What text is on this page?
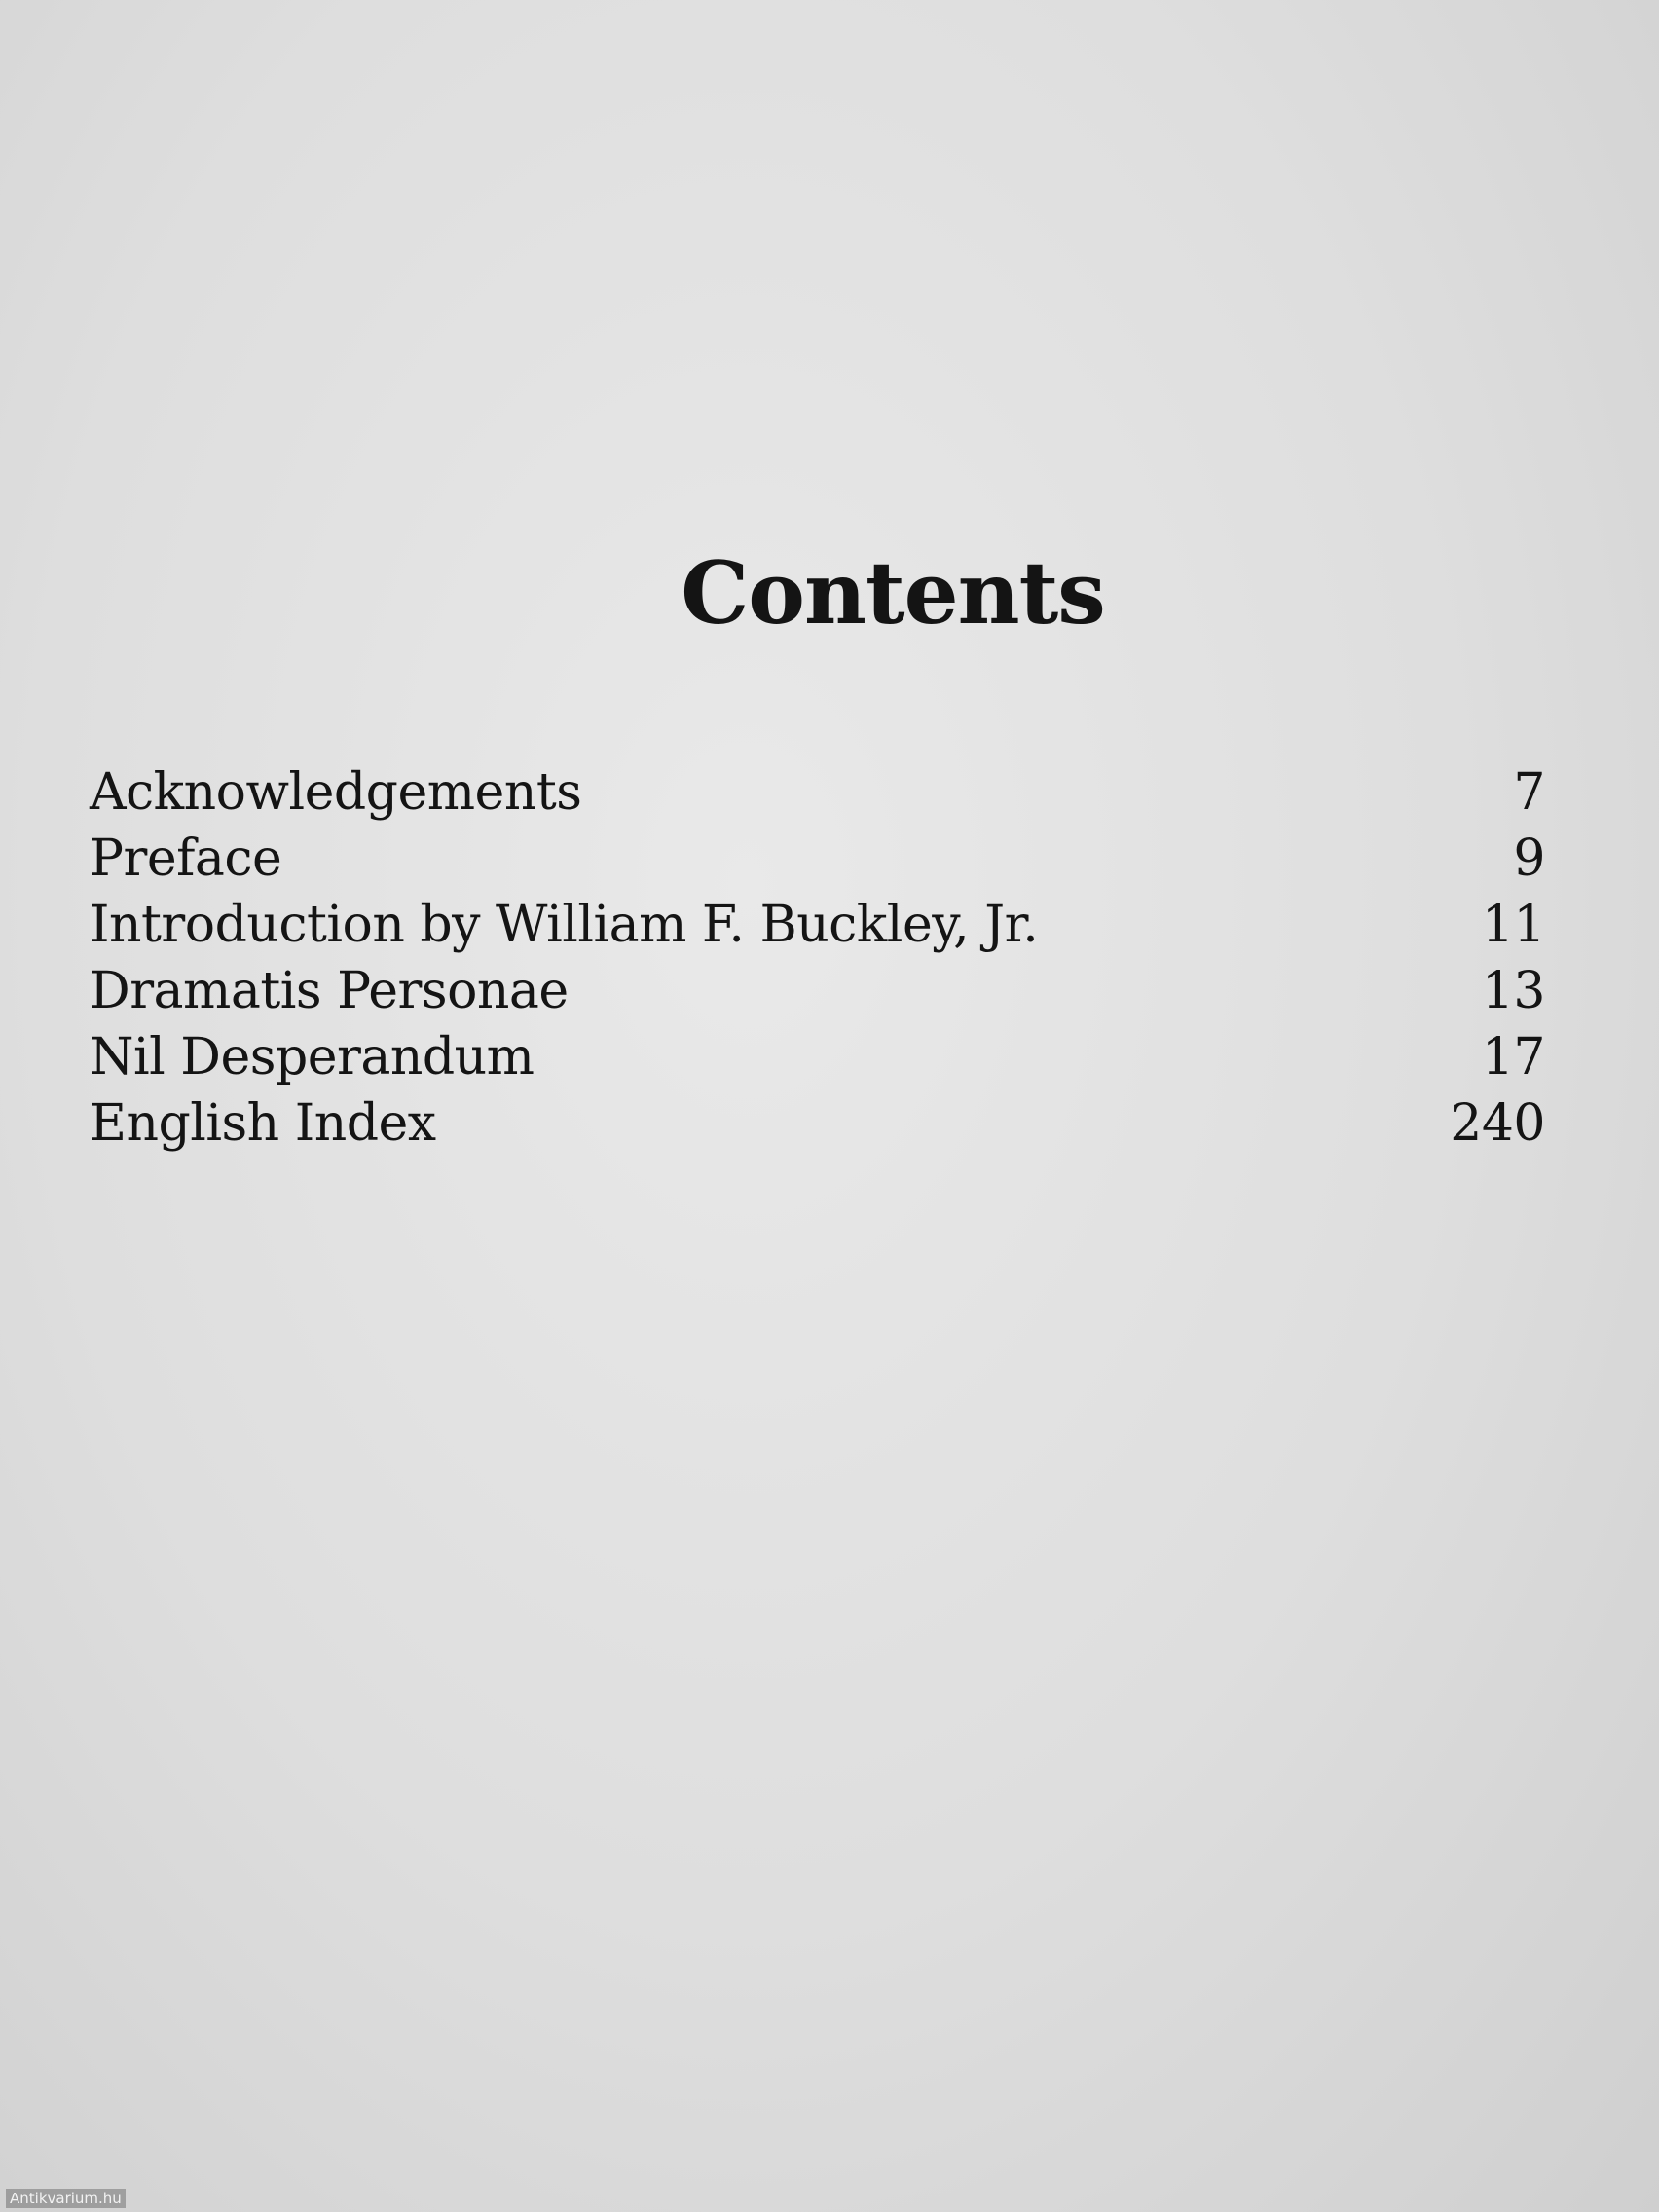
Contents
Acknowledgements	7
Preface	9
Introduction by William F. Buckley, Jr.	11
Dramatis Personae	13
Nil Desperandum	17
English Index	240
Antikvarium.hu
